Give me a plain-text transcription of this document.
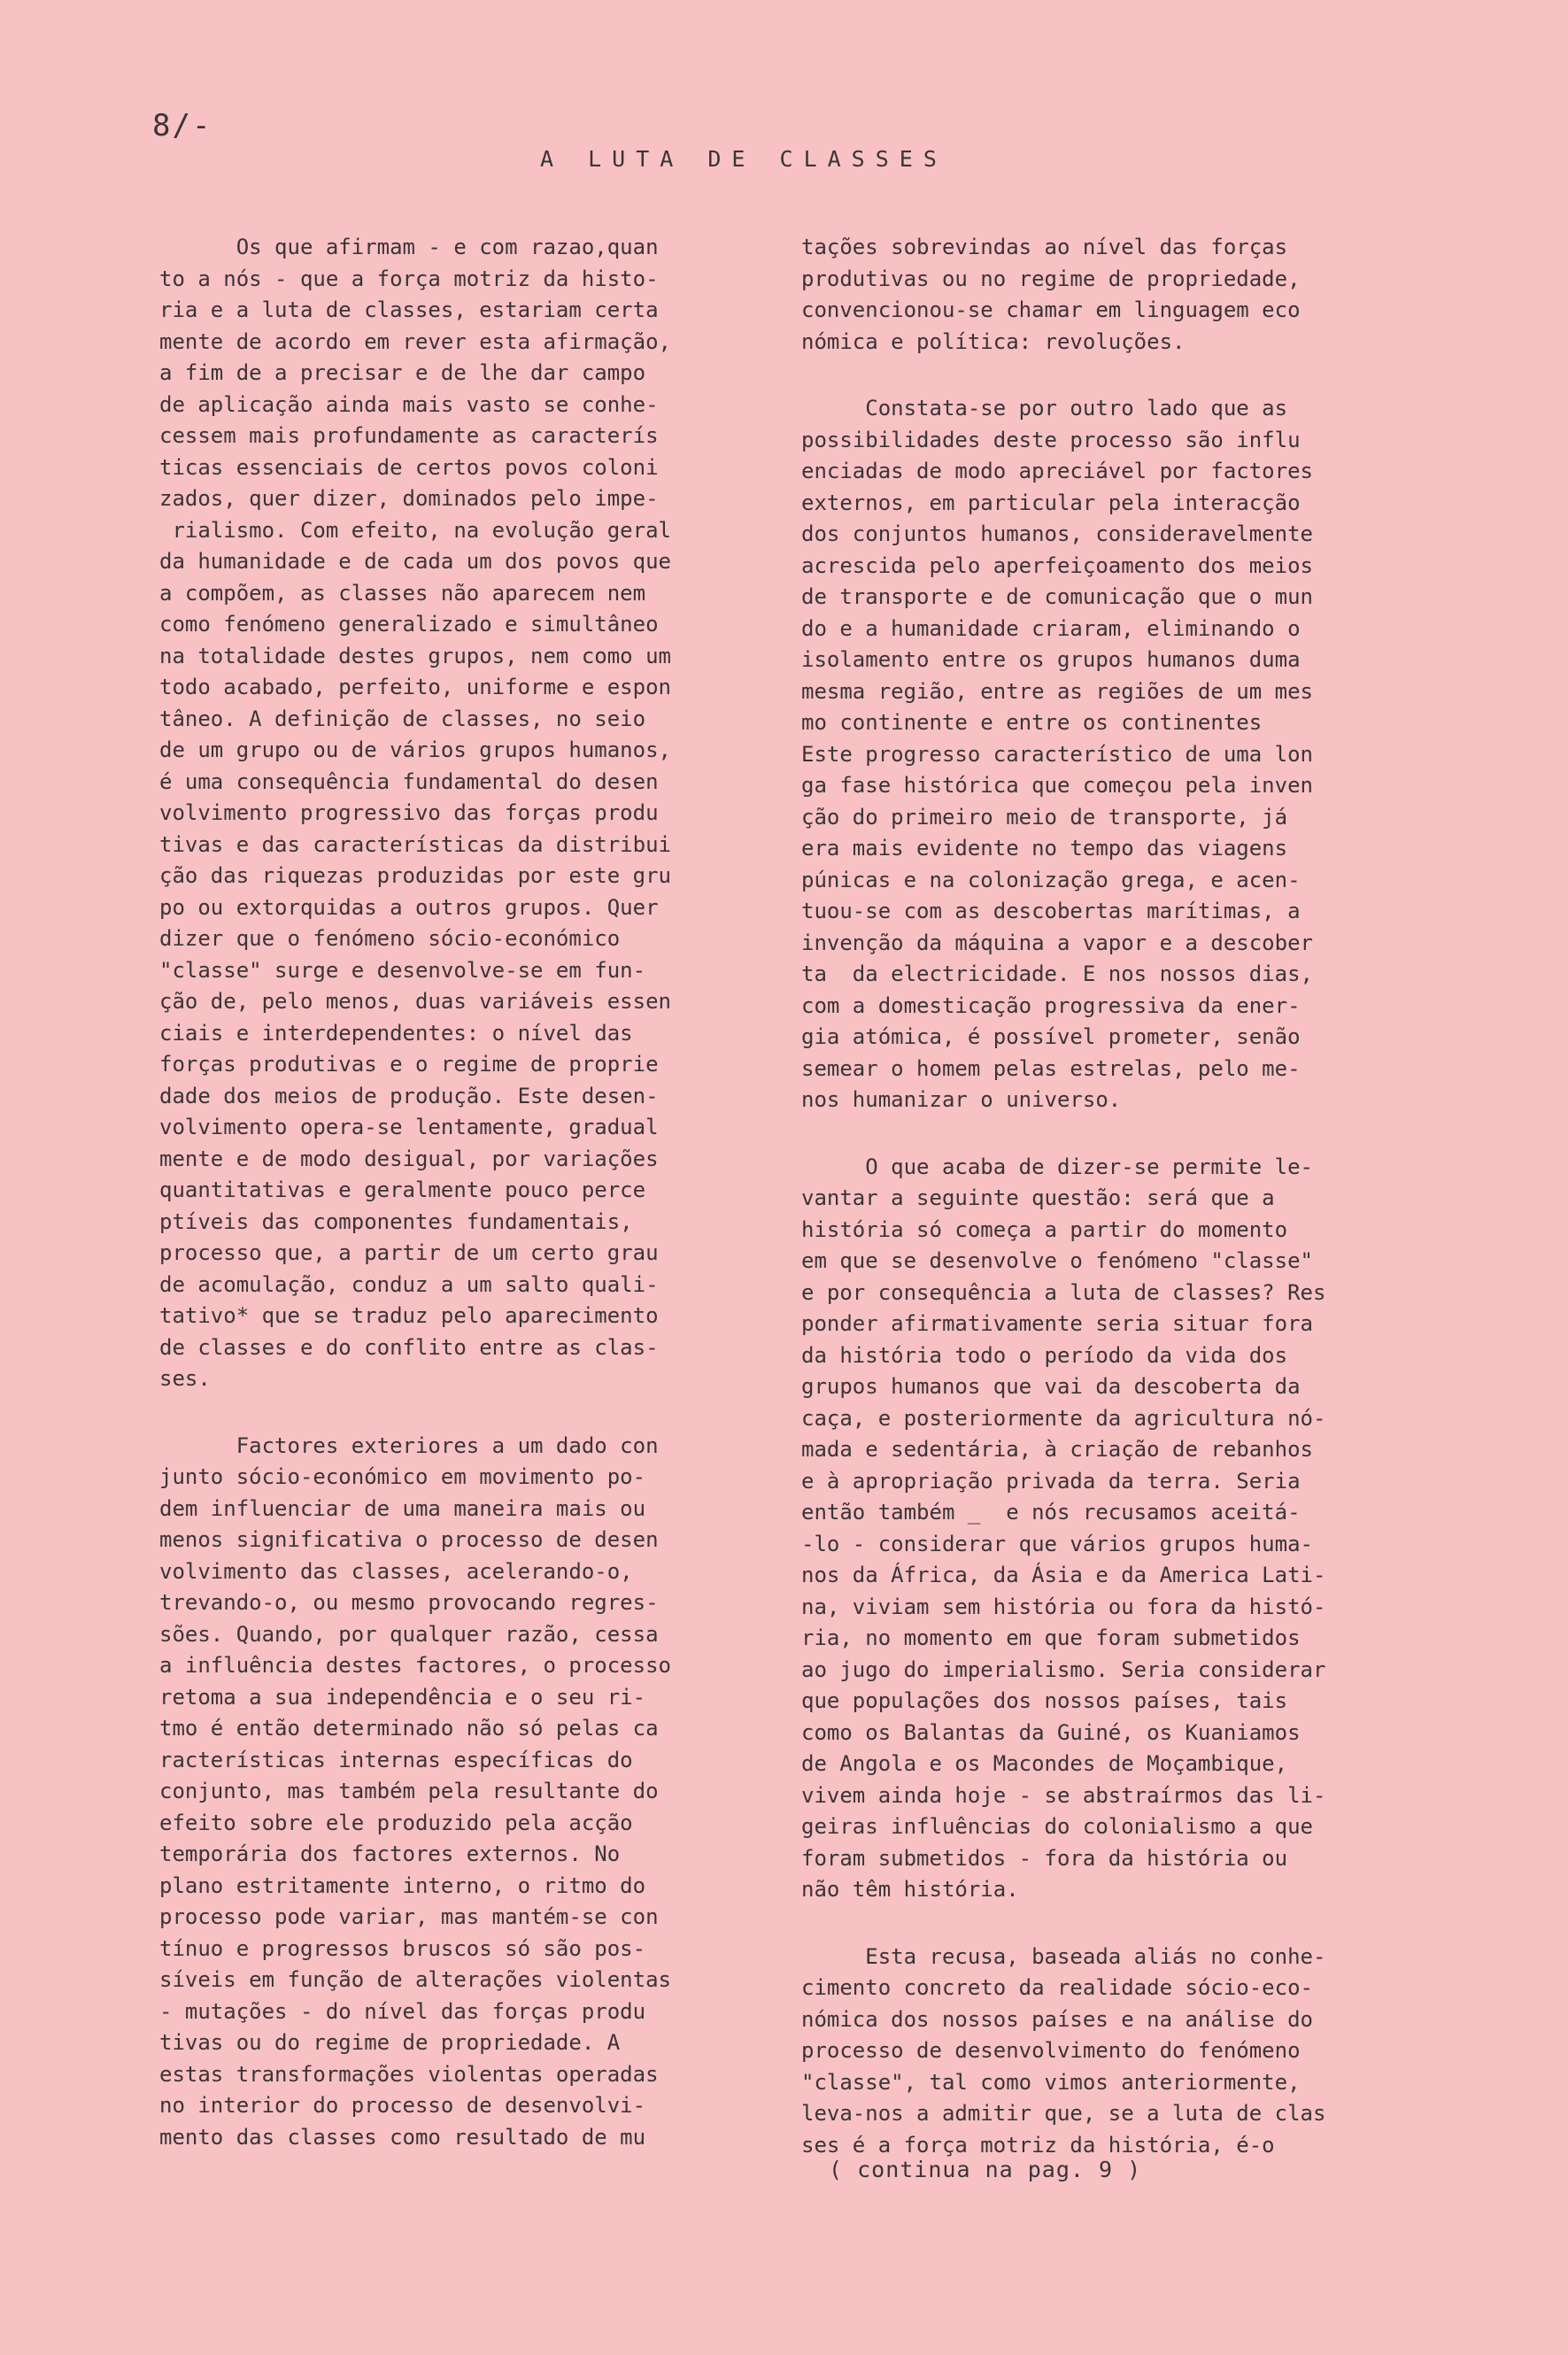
8/-
A LUTA DE CLASSES

Os que afirmam - e com razao,quan
to a nós - que a força motriz da histo-
ria e a luta de classes, estariam certa
mente de acordo em rever esta afirmação,
a fim de a precisar e de lhe dar campo
de aplicação ainda mais vasto se conhe-
cessem mais profundamente as caracterís
ticas essenciais de certos povos coloni
zados, quer dizer, dominados pelo impe-
rialismo. Com efeito, na evolução geral
da humanidade e de cada um dos povos que
a compõem, as classes não aparecem nem
como fenómeno generalizado e simultâneo
na totalidade destes grupos, nem como um
todo acabado, perfeito, uniforme e espon
tâneo. A definição de classes, no seio
de um grupo ou de vários grupos humanos,
é uma consequência fundamental do desen
volvimento progressivo das forças produ
tivas e das características da distribui
ção das riquezas produzidas por este gru
po ou extorquidas a outros grupos. Quer
dizer que o fenómeno sócio-económico
"classe" surge e desenvolve-se em fun-
ção de, pelo menos, duas variáveis essen
ciais e interdependentes: o nível das
forças produtivas e o regime de proprie
dade dos meios de produção. Este desen-
volvimento opera-se lentamente, gradual
mente e de modo desigual, por variações
quantitativas e geralmente pouco perce
ptíveis das componentes fundamentais,
processo que, a partir de um certo grau
de acomulação, conduz a um salto quali-
tativo* que se traduz pelo aparecimento
de classes e do conflito entre as clas-
ses.

Factores exteriores a um dado con
junto sócio-económico em movimento po-
dem influenciar de uma maneira mais ou
menos significativa o processo de desen
volvimento das classes, acelerando-o,
trevando-o, ou mesmo provocando regres-
sões. Quando, por qualquer razão, cessa
a influência destes factores, o processo
retoma a sua independência e o seu ri-
tmo é então determinado não só pelas ca
racterísticas internas específicas do
conjunto, mas também pela resultante do
efeito sobre ele produzido pela acção
temporária dos factores externos. No
plano estritamente interno, o ritmo do
processo pode variar, mas mantém-se con
tínuo e progressos bruscos só são pos-
síveis em função de alterações violentas
- mutações - do nível das forças produ
tivas ou do regime de propriedade. A
estas transformações violentas operadas
no interior do processo de desenvolvi-
mento das classes como resultado de mu

tações sobrevindas ao nível das forças
produtivas ou no regime de propriedade,
convencionou-se chamar em linguagem eco
nómica e política: revoluções.

Constata-se por outro lado que as
possibilidades deste processo são influ
enciadas de modo apreciável por factores
externos, em particular pela interacção
dos conjuntos humanos, consideravelmente
acrescida pelo aperfeiçoamento dos meios
de transporte e de comunicação que o mun
do e a humanidade criaram, eliminando o
isolamento entre os grupos humanos duma
mesma região, entre as regiões de um mes
mo continente e entre os continentes
Este progresso característico de uma lon
ga fase histórica que começou pela inven
ção do primeiro meio de transporte, já
era mais evidente no tempo das viagens
púnicas e na colonização grega, e acen-
tuou-se com as descobertas marítimas, a
invenção da máquina a vapor e a descober
ta  da electricidade. E nos nossos dias,
com a domesticação progressiva da ener-
gia atómica, é possível prometer, senão
semear o homem pelas estrelas, pelo me-
nos humanizar o universo.

O que acaba de dizer-se permite le-
vantar a seguinte questão: será que a
história só começa a partir do momento
em que se desenvolve o fenómeno "classe"
e por consequência a luta de classes? Res
ponder afirmativamente seria situar fora
da história todo o período da vida dos
grupos humanos que vai da descoberta da
caça, e posteriormente da agricultura nó-
mada e sedentária, à criação de rebanhos
e à apropriação privada da terra. Seria
então também _  e nós recusamos aceitá-
-lo - considerar que vários grupos huma-
nos da África, da Ásia e da America Lati-
na, viviam sem história ou fora da histó-
ria, no momento em que foram submetidos
ao jugo do imperialismo. Seria considerar
que populações dos nossos países, tais
como os Balantas da Guiné, os Kuaniamos
de Angola e os Macondes de Moçambique,
vivem ainda hoje - se abstraírmos das li-
geiras influências do colonialismo a que
foram submetidos - fora da história ou
não têm história.

Esta recusa, baseada aliás no conhe-
cimento concreto da realidade sócio-eco-
nómica dos nossos países e na análise do
processo de desenvolvimento do fenómeno
"classe", tal como vimos anteriormente,
leva-nos a admitir que, se a luta de clas
ses é a força motriz da história, é-o

( continua na pag. 9 )
